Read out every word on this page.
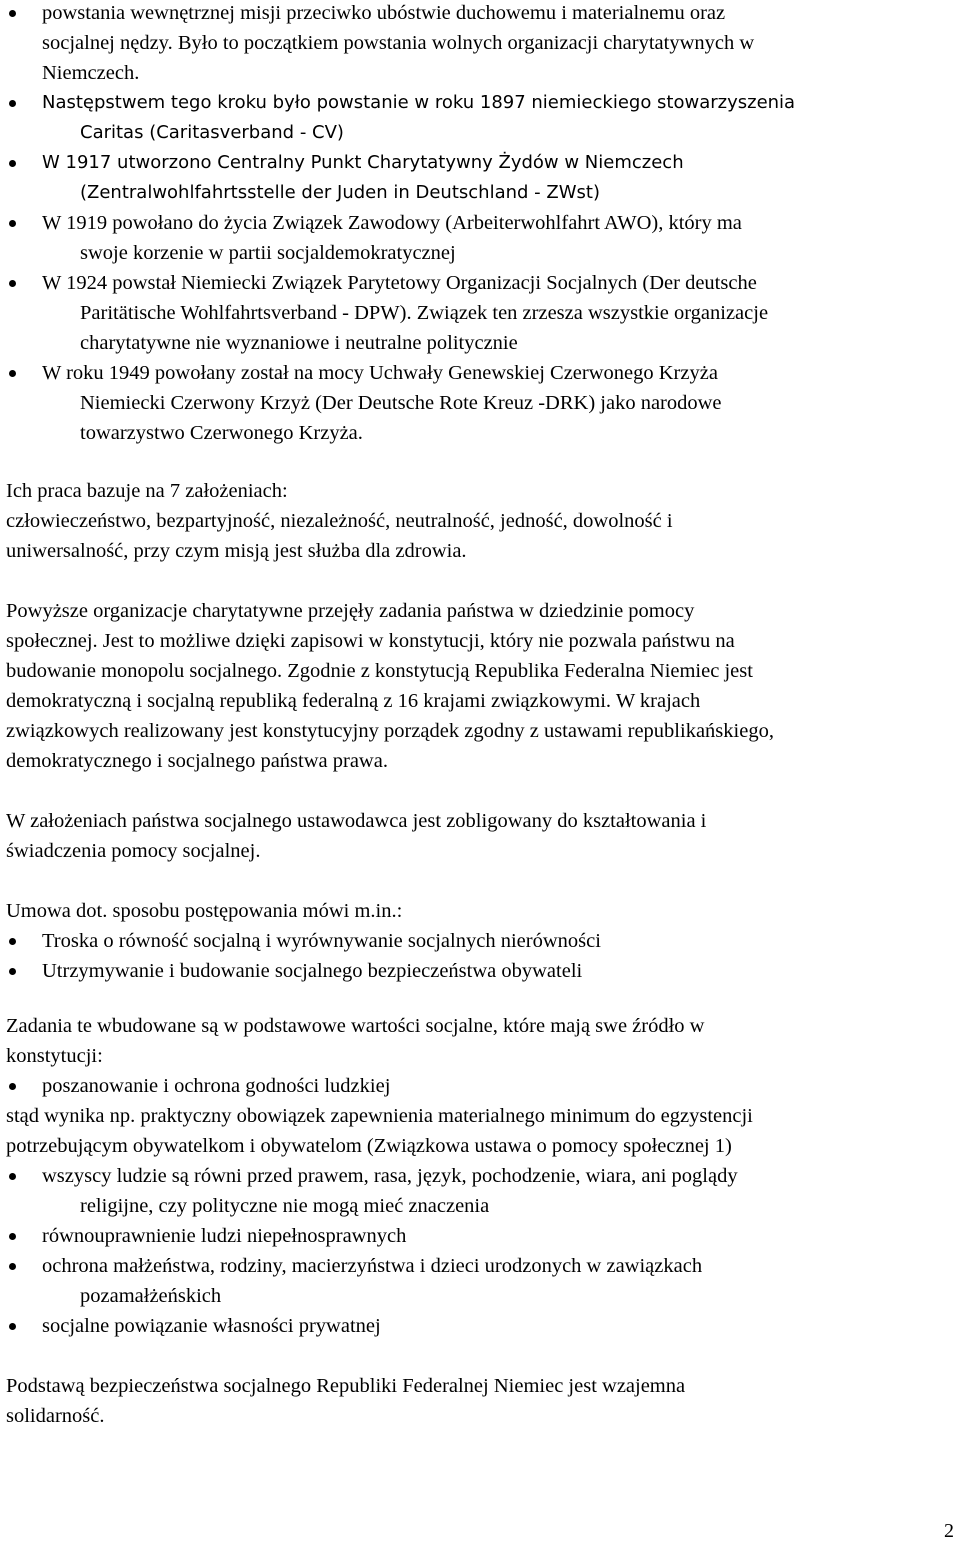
powstania wewnętrznej misji przeciwko ubóstwie duchowemu i materialnemu oraz
socjalnej nędzy. Było to początkiem powstania wolnych organizacji charytatywnych w
Niemczech.
Następstwem tego kroku było powstanie w roku 1897 niemieckiego stowarzyszenia
Caritas (Caritasverband - CV)
W 1917 utworzono Centralny Punkt Charytatywny Żydów w Niemczech
(Zentralwohlfahrtsstelle der Juden in Deutschland - ZWst)
W 1919 powołano do życia Związek Zawodowy (Arbeiterwohlfahrt AWO), który ma
swoje korzenie w partii socjaldemokratycznej
W 1924 powstał Niemiecki Związek Parytetowy Organizacji Socjalnych (Der deutsche
Paritätische Wohlfahrtsverband - DPW). Związek ten zrzesza wszystkie organizacje
charytatywne nie wyznaniowe i neutralne politycznie
W roku 1949 powołany został na mocy Uchwały Genewskiej Czerwonego Krzyża
Niemiecki Czerwony Krzyż (Der Deutsche Rote Kreuz -DRK) jako narodowe
towarzystwo Czerwonego Krzyża.
Ich praca bazuje na 7 założeniach:
człowieczeństwo, bezpartyjność, niezależność, neutralność, jedność, dowolność i
uniwersalność, przy czym misją jest służba dla zdrowia.
Powyższe organizacje charytatywne przejęły zadania państwa w dziedzinie pomocy
społecznej. Jest to możliwe dzięki zapisowi w konstytucji, który nie pozwala państwu na
budowanie monopolu socjalnego. Zgodnie z konstytucją Republika Federalna Niemiec jest
demokratyczną i socjalną republiką federalną z 16 krajami związkowymi. W krajach
związkowych realizowany jest konstytucyjny porządek zgodny z ustawami republikańskiego,
demokratycznego i socjalnego państwa prawa.
W założeniach państwa socjalnego ustawodawca jest zobligowany do kształtowania i
świadczenia pomocy socjalnej.
Umowa dot. sposobu postępowania mówi m.in.:
Troska o równość socjalną i wyrównywanie socjalnych nierówności
Utrzymywanie i budowanie socjalnego bezpieczeństwa obywateli
Zadania te wbudowane są w podstawowe wartości socjalne, które mają swe źródło w
konstytucji:
poszanowanie i ochrona godności ludzkiej
stąd wynika np. praktyczny obowiązek zapewnienia materialnego minimum do egzystencji
potrzebującym obywatelkom i obywatelom (Związkowa ustawa o pomocy społecznej 1)
wszyscy ludzie są równi przed prawem, rasa, język, pochodzenie, wiara, ani poglądy
religijne, czy polityczne nie mogą mieć znaczenia
równouprawnienie ludzi niepełnosprawnych
ochrona małżeństwa, rodziny, macierzyństwa i dzieci urodzonych w zawiązkach
pozamałżeńskich
socjalne powiązanie własności prywatnej
Podstawą bezpieczeństwa socjalnego Republiki Federalnej Niemiec jest wzajemna
solidarność.
2
